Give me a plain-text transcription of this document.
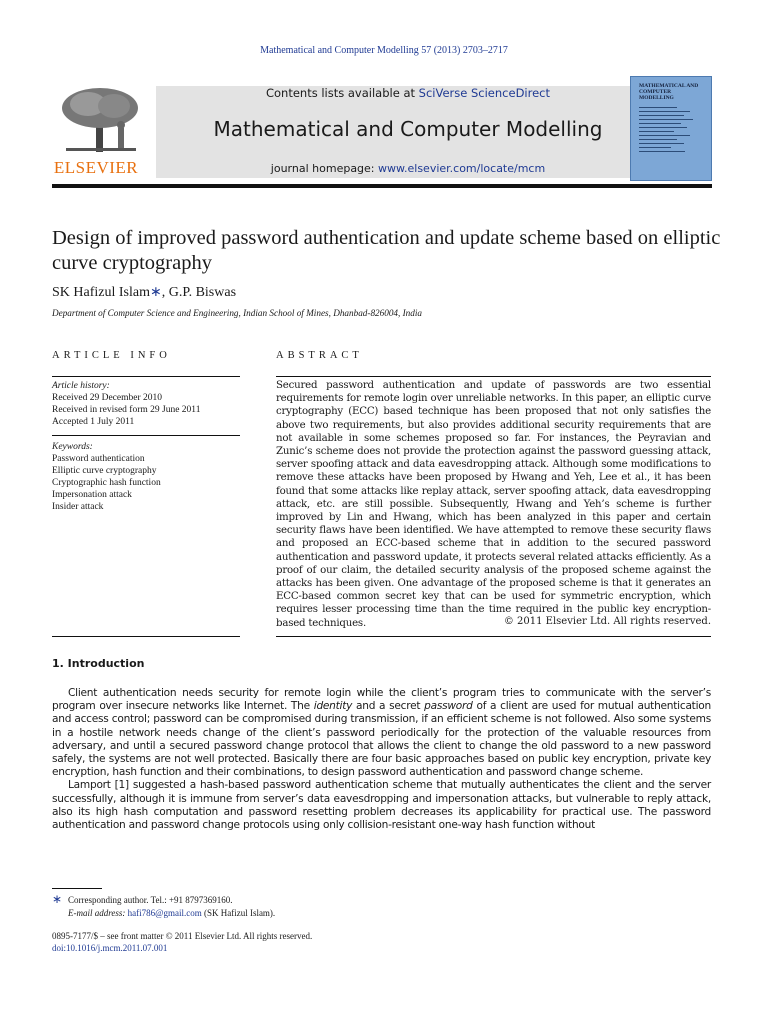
Mathematical and Computer Modelling 57 (2013) 2703–2717
ELSEVIER
Contents lists available at SciVerse ScienceDirect
Mathematical and Computer Modelling
journal homepage: www.elsevier.com/locate/mcm
MATHEMATICAL AND COMPUTER MODELLING
Design of improved password authentication and update scheme based on elliptic curve cryptography
SK Hafizul Islam∗, G.P. Biswas
Department of Computer Science and Engineering, Indian School of Mines, Dhanbad-826004, India
ARTICLE INFO	ABSTRACT
Article history:
Received 29 December 2010
Received in revised form 29 June 2011
Accepted 1 July 2011
Keywords:
Password authentication
Elliptic curve cryptography
Cryptographic hash function
Impersonation attack
Insider attack
Secured password authentication and update of passwords are two essential requirements for remote login over unreliable networks. In this paper, an elliptic curve cryptography (ECC) based technique has been proposed that not only satisfies the above two requirements, but also provides additional security requirements that are not available in some schemes proposed so far. For instances, the Peyravian and Zunic’s scheme does not provide the protection against the password guessing attack, server spoofing attack and data eavesdropping attack. Although some modifications to remove these attacks have been proposed by Hwang and Yeh, Lee et al., it has been found that some attacks like replay attack, server spoofing attack, data eavesdropping attack, etc. are still possible. Subsequently, Hwang and Yeh’s scheme is further improved by Lin and Hwang, which has been analyzed in this paper and certain security flaws have been identified. We have attempted to remove these security flaws and proposed an ECC-based scheme that in addition to the secured password authentication and password update, it protects several related attacks efficiently. As a proof of our claim, the detailed security analysis of the proposed scheme against the attacks has been given. One advantage of the proposed scheme is that it generates an ECC-based common secret key that can be used for symmetric encryption, which requires lesser processing time than the time required in the public key encryption-based techniques.	© 2011 Elsevier Ltd. All rights reserved.
1. Introduction

Client authentication needs security for remote login while the client’s program tries to communicate with the server’s program over insecure networks like Internet. The identity and a secret password of a client are used for mutual authentication and access control; password can be compromised during transmission, if an efficient scheme is not followed. Also some systems in a hostile network needs change of the client’s password periodically for the protection of the valuable resources from adversary, and until a secured password change protocol that allows the client to change the old password to a new password safely, the systems are not well protected. Basically there are four basic approaches based on public key encryption, private key encryption, hash function and their combinations, to design password authentication and password change scheme.

Lamport [1] suggested a hash-based password authentication scheme that mutually authenticates the client and the server successfully, although it is immune from server’s data eavesdropping and impersonation attacks, but vulnerable to reply attack, also its high hash computation and password resetting problem decreases its applicability for practical use. The password authentication and password change protocols using only collision-resistant one-way hash function without

∗ Corresponding author. Tel.: +91 8797369160.
E-mail address: hafi786@gmail.com (SK Hafizul Islam).
0895-7177/$ – see front matter © 2011 Elsevier Ltd. All rights reserved.
doi:10.1016/j.mcm.2011.07.001
